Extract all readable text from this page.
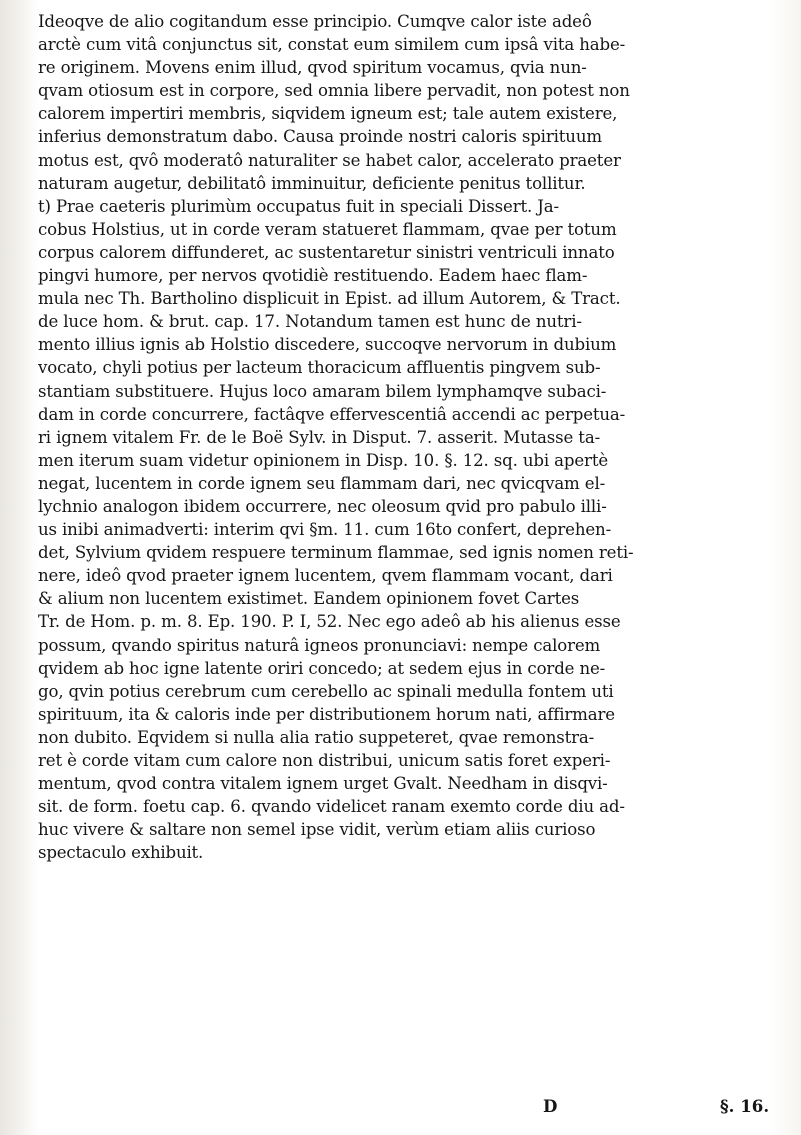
Ideoqve de alio cogitandum esse principio. Cumqve calor iste adeô
arctè cum vitâ conjunctus sit, constat eum similem cum ipsâ vita habe-
re originem. Movens enim illud, qvod spiritum vocamus, qvia nun-
qvam otiosum est in corpore, sed omnia libere pervadit, non potest non
calorem impertiri membris, siqvidem igneum est; tale autem existere,
inferius demonstratum dabo. Causa proinde nostri caloris spirituum
motus est, qvô moderatô naturaliter se habet calor, accelerato praeter
naturam augetur, debilitatô imminuitur, deficiente penitus tollitur.
t) Prae caeteris plurimùm occupatus fuit in speciali Dissert. Ja-
cobus Holstius, ut in corde veram statueret flammam, qvae per totum
corpus calorem diffunderet, ac sustentaretur sinistri ventriculi innato
pingvi humore, per nervos qvotidiè restituendo. Eadem haec flam-
mula nec Th. Bartholino displicuit in Epist. ad illum Autorem, & Tract.
de luce hom. & brut. cap. 17. Notandum tamen est hunc de nutri-
mento illius ignis ab Holstio discedere, succoqve nervorum in dubium
vocato, chyli potius per lacteum thoracicum affluentis pingvem sub-
stantiam substituere. Hujus loco amaram bilem lymphamqve subaci-
dam in corde concurrere, factâqve effervescentiâ accendi ac perpetua-
ri ignem vitalem Fr. de le Boë Sylv. in Disput. 7. asserit. Mutasse ta-
men iterum suam videtur opinionem in Disp. 10. §. 12. sq. ubi apertè
negat, lucentem in corde ignem seu flammam dari, nec qvicqvam el-
lychnio analogon ibidem occurrere, nec oleosum qvid pro pabulo illi-
us inibi animadverti: interim qvi §m. 11. cum 16to confert, deprehen-
det, Sylvium qvidem respuere terminum flammae, sed ignis nomen reti-
nere, ideô qvod praeter ignem lucentem, qvem flammam vocant, dari
& alium non lucentem existimet. Eandem opinionem fovet Cartes
Tr. de Hom. p. m. 8. Ep. 190. P. I, 52. Nec ego adeô ab his alienus esse
possum, qvando spiritus naturâ igneos pronunciavi: nempe calorem
qvidem ab hoc igne latente oriri concedo; at sedem ejus in corde ne-
go, qvin potius cerebrum cum cerebello ac spinali medulla fontem uti
spirituum, ita & caloris inde per distributionem horum nati, affirmare
non dubito. Eqvidem si nulla alia ratio suppeteret, qvae remonstra-
ret è corde vitam cum calore non distribui, unicum satis foret experi-
mentum, qvod contra vitalem ignem urget Gvalt. Needham in disqvi-
sit. de form. foetu cap. 6. qvando videlicet ranam exemto corde diu ad-
huc vivere & saltare non semel ipse vidit, verùm etiam aliis curioso
spectaculo exhibuit.
D	§. 16.
